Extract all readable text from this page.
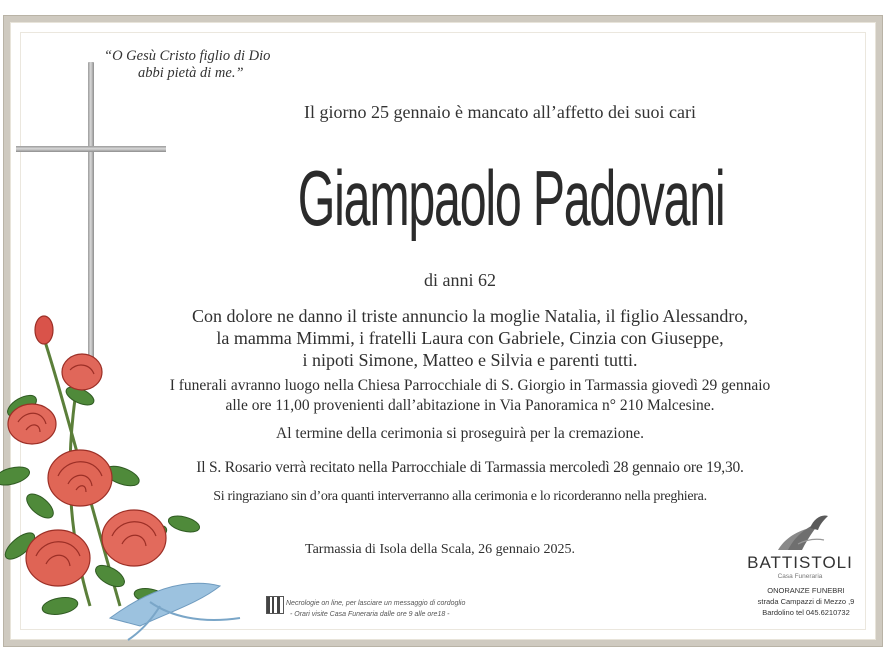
“O Gesù Cristo figlio di Dio
abbi pietà di me.”
Il giorno 25 gennaio è mancato all’affetto dei suoi cari
Giampaolo Padovani
di anni 62
Con dolore ne danno il triste annuncio la moglie Natalia, il figlio Alessandro,
la mamma Mimmi, i fratelli Laura con Gabriele, Cinzia con Giuseppe,
i nipoti Simone, Matteo e Silvia e parenti tutti.
I funerali avranno luogo nella Chiesa Parrocchiale di S. Giorgio in Tarmassia giovedì 29 gennaio
alle ore 11,00 provenienti dall’abitazione in Via Panoramica n° 210 Malcesine.
Al termine della cerimonia si proseguirà per la cremazione.
Il S. Rosario verrà recitato nella Parrocchiale di Tarmassia mercoledì 28 gennaio ore 19,30.
Si ringraziano sin d’ora quanti interverranno alla cerimonia e lo ricorderanno nella preghiera.
Tarmassia di Isola della Scala, 26 gennaio 2025.
Necrologie on line, per lasciare un messaggio di cordoglio
- Orari visite Casa Funeraria dalle ore 9 alle ore18 -
BATTISTOLI
Casa Funeraria
ONORANZE FUNEBRI
strada Campazzi di Mezzo ,9
Bardolino tel 045.6210732
